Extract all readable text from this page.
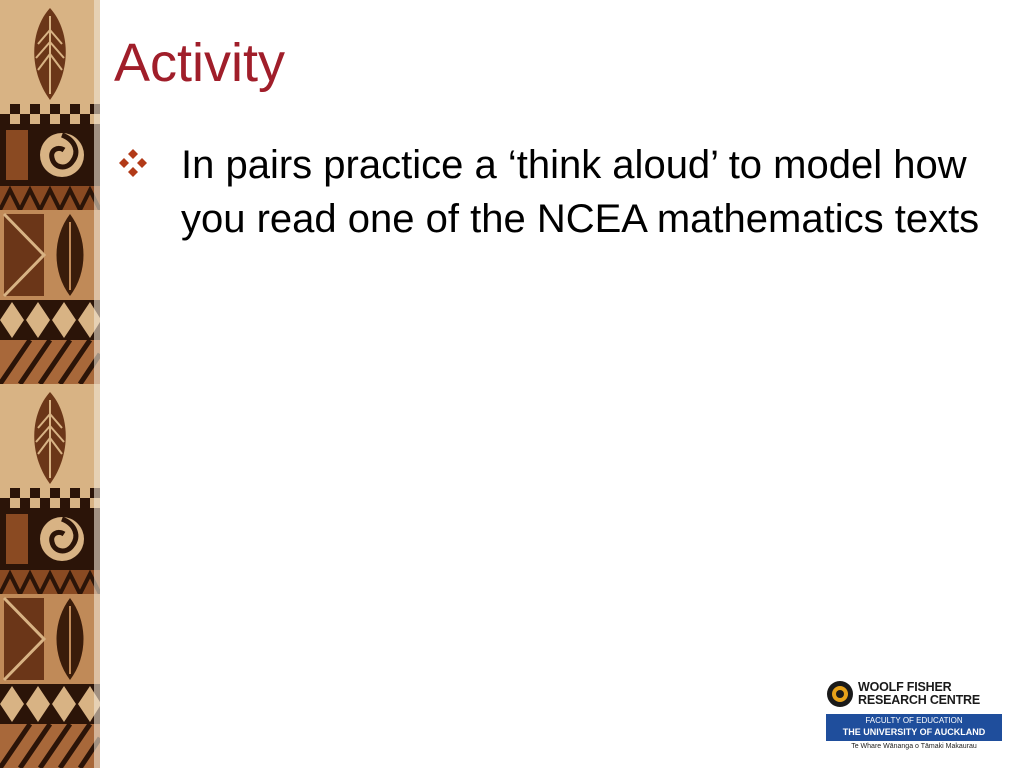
Activity
In pairs practice a ‘think aloud’ to model how you read one of the NCEA mathematics texts
WOOLF FISHER
RESEARCH CENTRE
FACULTY OF EDUCATION
THE UNIVERSITY OF AUCKLAND
Te Whare Wānanga o Tāmaki Makaurau
